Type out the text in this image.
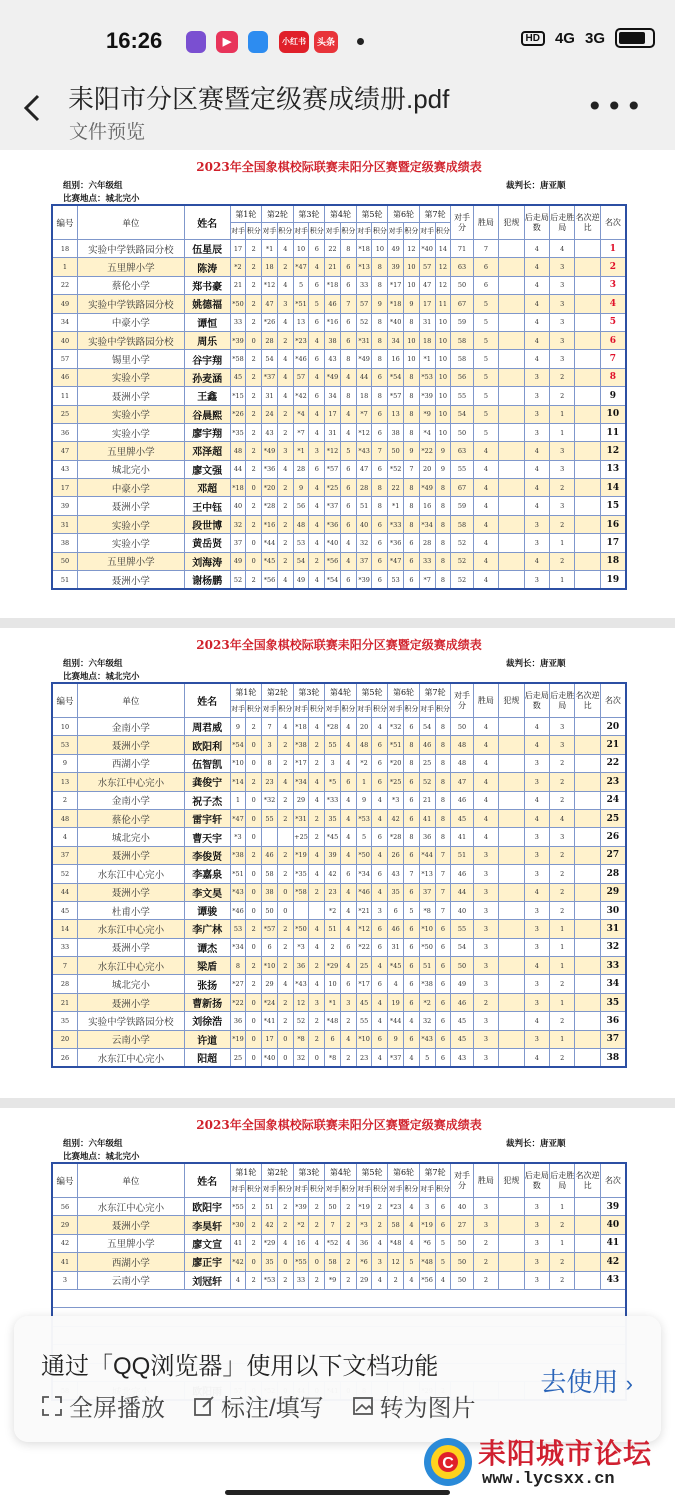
16:26	▶	小红书	头条	HD	4G 3G
耒阳市分区赛暨定级赛成绩册.pdf
文件预览
•••
2023年全国象棋校际联赛耒阳分区赛暨定级赛成绩表
组别：六年级组
比赛地点：城北完小
裁判长：唐亚顺
编号	单位	姓名	第1轮		第2轮		第3轮		第4轮		第5轮		第6轮		第7轮		对手分	胜局	犯规	后走局数	后走胜局	名次逆比	名次
			对手	积分	对手	积分	对手	积分	对手	积分	对手	积分	对手	积分	对手	积分							
18	实验中学铁路园分校	伍星辰	17	2	*1	4	10	6	22	8	*18	10	49	12	*40	14	71	7		4	4		1
1	五里牌小学	陈涛	*2	2	18	2	*47	4	21	6	*13	8	39	10	57	12	63	6		4	3		2
22	蔡伦小学	郑书豪	21	2	*12	4	5	6	*18	6	33	8	*17	10	47	12	50	6		4	3		3
49	实验中学铁路园分校	姚德福	*50	2	47	3	*51	5	46	7	57	9	*18	9	17	11	67	5		4	3		4
34	中豪小学	谭恒	33	2	*26	4	13	6	*16	6	52	8	*40	8	31	10	59	5		4	3		5
40	实验中学铁路园分校	周乐	*39	0	28	2	*23	4	38	6	*31	8	34	10	18	10	58	5		4	3		6
57	锡里小学	谷宇翔	*58	2	54	4	*46	6	43	8	*49	8	16	10	*1	10	58	5		4	3		7
46	实验小学	孙麦涵	45	2	*37	4	57	4	*49	4	44	6	*54	8	*53	10	56	5		3	2		8
11	聂洲小学	王鑫	*15	2	31	4	*42	6	34	8	18	8	*57	8	*39	10	55	5		3	2		9
25	实验小学	谷晨熙	*26	2	24	2	*4	4	17	4	*7	6	13	8	*9	10	54	5		3	1		10
36	实验小学	廖宇翔	*35	2	43	2	*7	4	31	4	*12	6	38	8	*4	10	50	5		3	1		11
47	五里牌小学	邓泽超	48	2	*49	3	*1	3	*12	5	*43	7	50	9	*22	9	63	4		4	3		12
43	城北完小	廖文强	44	2	*36	4	28	6	*57	6	47	6	*52	7	20	9	55	4		4	3		13
17	中豪小学	邓超	*18	0	*20	2	9	4	*25	6	28	8	22	8	*49	8	67	4		4	2		14
39	聂洲小学	王中钰	40	2	*28	2	56	4	*37	6	51	8	*1	8	16	8	59	4		4	3		15
31	实验小学	段世博	32	2	*16	2	48	4	*36	6	40	6	*33	8	*34	8	58	4		3	2		16
38	实验小学	黄岳贤	37	0	*44	2	53	4	*40	4	32	6	*36	6	28	8	52	4		3	1		17
50	五里牌小学	刘海涛	49	0	*45	2	54	2	*56	4	37	6	*47	6	33	8	52	4		4	2		18
51	聂洲小学	谢杨鹏	52	2	*56	4	49	4	*54	6	*39	6	53	6	*7	8	52	4		3	1		19
2023年全国象棋校际联赛耒阳分区赛暨定级赛成绩表
组别：六年级组
比赛地点：城北完小
裁判长：唐亚顺
编号	单位	姓名	第1轮		第2轮		第3轮		第4轮		第5轮		第6轮		第7轮		对手分	胜局	犯规	后走局数	后走胜局	名次逆比	名次
			对手	积分	对手	积分	对手	积分	对手	积分	对手	积分	对手	积分	对手	积分							
10	金南小学	周君威	9	2	7	4	*18	4	*28	4	20	4	*32	6	54	8	50	4		4	3		20
53	聂洲小学	欧阳利	*54	0	3	2	*38	2	55	4	48	6	*51	8	46	8	48	4		4	3		21
9	西湖小学	伍智凯	*10	0	8	2	*17	2	3	4	*2	6	*20	8	25	8	48	4		3	2		22
13	水东江中心完小	龚俊宁	*14	2	23	4	*34	4	*5	6	1	6	*25	6	52	8	47	4		3	2		23
2	金南小学	祝子杰	1	0	*32	2	29	4	*33	4	9	4	*3	6	21	8	46	4		4	2		24
48	蔡伦小学	雷宇轩	*47	0	55	2	*31	2	35	4	*53	4	42	6	41	8	45	4		4	4		25
4	城北完小	曹天宇	*3	0			+25	2	*45	4	5	6	*28	8	36	8	41	4		3	3		26
37	聂洲小学	李俊贤	*38	2	46	2	*19	4	39	4	*50	4	26	6	*44	7	51	3		3	2		27
52	水东江中心完小	李嘉泉	*51	0	58	2	*35	4	42	6	*34	6	43	7	*13	7	46	3		3	2		28
44	聂洲小学	李文昊	*43	0	38	0	*58	2	23	4	*46	4	35	6	37	7	44	3		4	2		29
45	杜甫小学	谭骏	*46	0	50	0			*2	4	*21	3	6	5	*8	7	40	3		3	2		30
14	水东江中心完小	李广林	53	2	*57	2	*50	4	51	4	*12	6	46	6	*10	6	55	3		3	1		31
33	聂洲小学	谭杰	*34	0	6	2	*3	4	2	6	*22	6	31	6	*50	6	54	3		3	1		32
7	水东江中心完小	梁盾	8	2	*10	2	36	2	*29	4	25	4	*45	6	51	6	50	3		4	1		33
28	城北完小	张扬	*27	2	29	4	*43	4	10	6	*17	6	4	6	*38	6	49	3		3	2		34
21	聂洲小学	曹新扬	*22	0	*24	2	12	3	*1	3	45	4	19	6	*2	6	46	2		3	1		35
35	实验中学铁路园分校	刘徐浩	36	0	*41	2	52	2	*48	2	55	4	*44	4	32	6	45	3		4	2		36
20	云南小学	许道	*19	0	17	0	*8	2	6	4	*10	6	9	6	*43	6	45	3		3	1		37
26	水东江中心完小	阳超	25	0	*40	0	32	0	*8	2	23	4	*37	4	5	6	43	3		4	2		38
2023年全国象棋校际联赛耒阳分区赛暨定级赛成绩表
组别：六年级组
比赛地点：城北完小
裁判长：唐亚顺
编号	单位	姓名	第1轮		第2轮		第3轮		第4轮		第5轮		第6轮		第7轮		对手分	胜局	犯规	后走局数	后走胜局	名次逆比	名次
			对手	积分	对手	积分	对手	积分	对手	积分	对手	积分	对手	积分	对手	积分							
56	水东江中心完小	欧阳宇	*55	2	51	2	*39	2	50	2	*19	2	*23	4	3	6	40	3		3	1		39
29	聂洲小学	李昊轩	*30	2	42	2	*2	2	7	2	*3	2	58	4	*19	6	27	3		3	2		40
42	五里牌小学	廖文宣	41	2	*29	4	16	4	*52	4	36	4	*48	4	*6	5	50	2		3	1		41
41	西湖小学	廖正宇	*42	0	35	0	*55	0	58	2	*6	3	12	5	*48	5	50	2		3	2		42
3	云南小学	刘冠轩	4	2	*53	2	33	2	*9	2	29	4	2	4	*56	4	50	2		3	2		43

通过「QQ浏览器」使用以下文档功能
全屏播放 标注/填写 转为图片
去使用 ›
C 耒阳城市论坛
www.lycsxx.cn
